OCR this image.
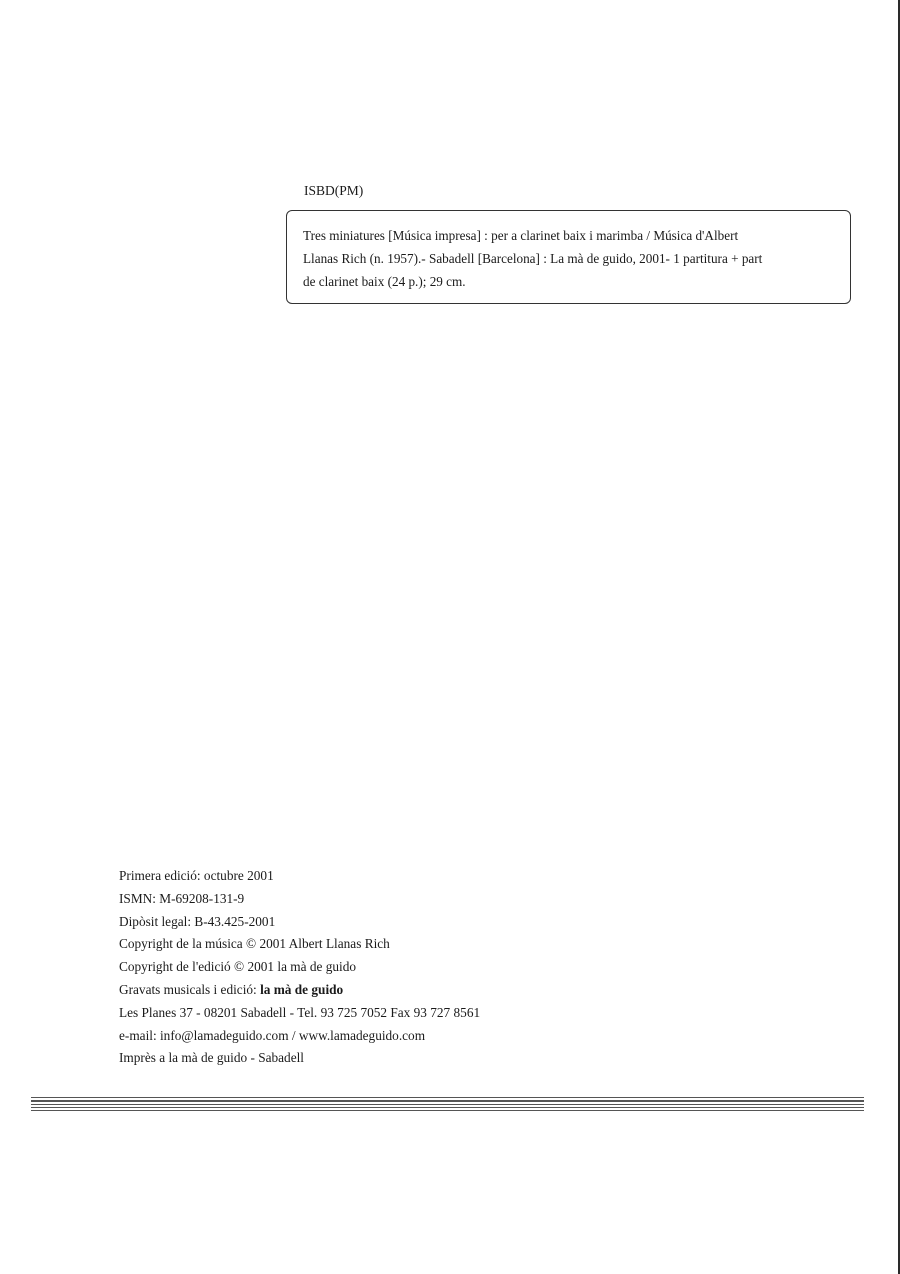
ISBD(PM)
Tres miniatures [Música impresa] : per a clarinet baix i marimba / Música d'Albert
Llanas Rich (n. 1957).- Sabadell [Barcelona] : La mà de guido, 2001- 1 partitura + part
de clarinet baix (24 p.); 29 cm.
Primera edició: octubre 2001
ISMN: M-69208-131-9
Dipòsit legal: B-43.425-2001
Copyright de la música © 2001 Albert Llanas Rich
Copyright de l'edició © 2001 la mà de guido
Gravats musicals i edició: la mà de guido
Les Planes 37 - 08201 Sabadell - Tel. 93 725 7052 Fax 93 727 8561
e-mail: info@lamadeguido.com / www.lamadeguido.com
Imprès a la mà de guido - Sabadell
